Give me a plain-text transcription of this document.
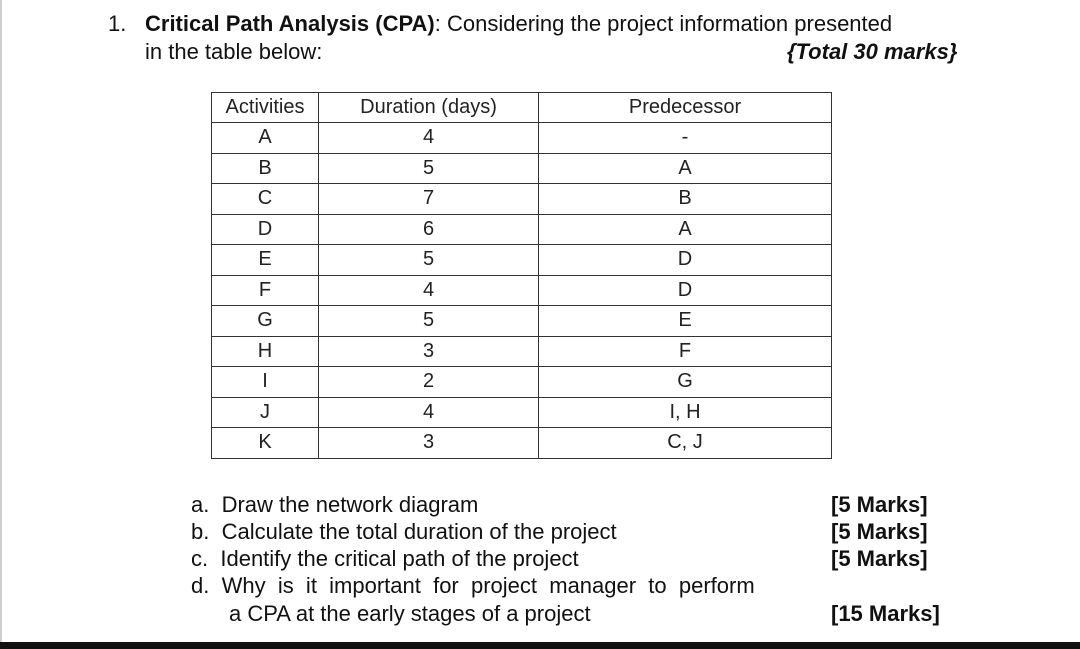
1. Critical Path Analysis (CPA): Considering the project information presented
in the table below:	{Total 30 marks}
Activities	Duration (days)	Predecessor
A	4	-
B	5	A
C	7	B
D	6	A
E	5	D
F	4	D
G	5	E
H	3	F
I	2	G
J	4	I, H
K	3	C, J
a. Draw the network diagram	[5 Marks]
b. Calculate the total duration of the project	[5 Marks]
c. Identify the critical path of the project	[5 Marks]
d. Why  is  it  important  for  project  manager  to  perform
a CPA at the early stages of a project	[15 Marks]
